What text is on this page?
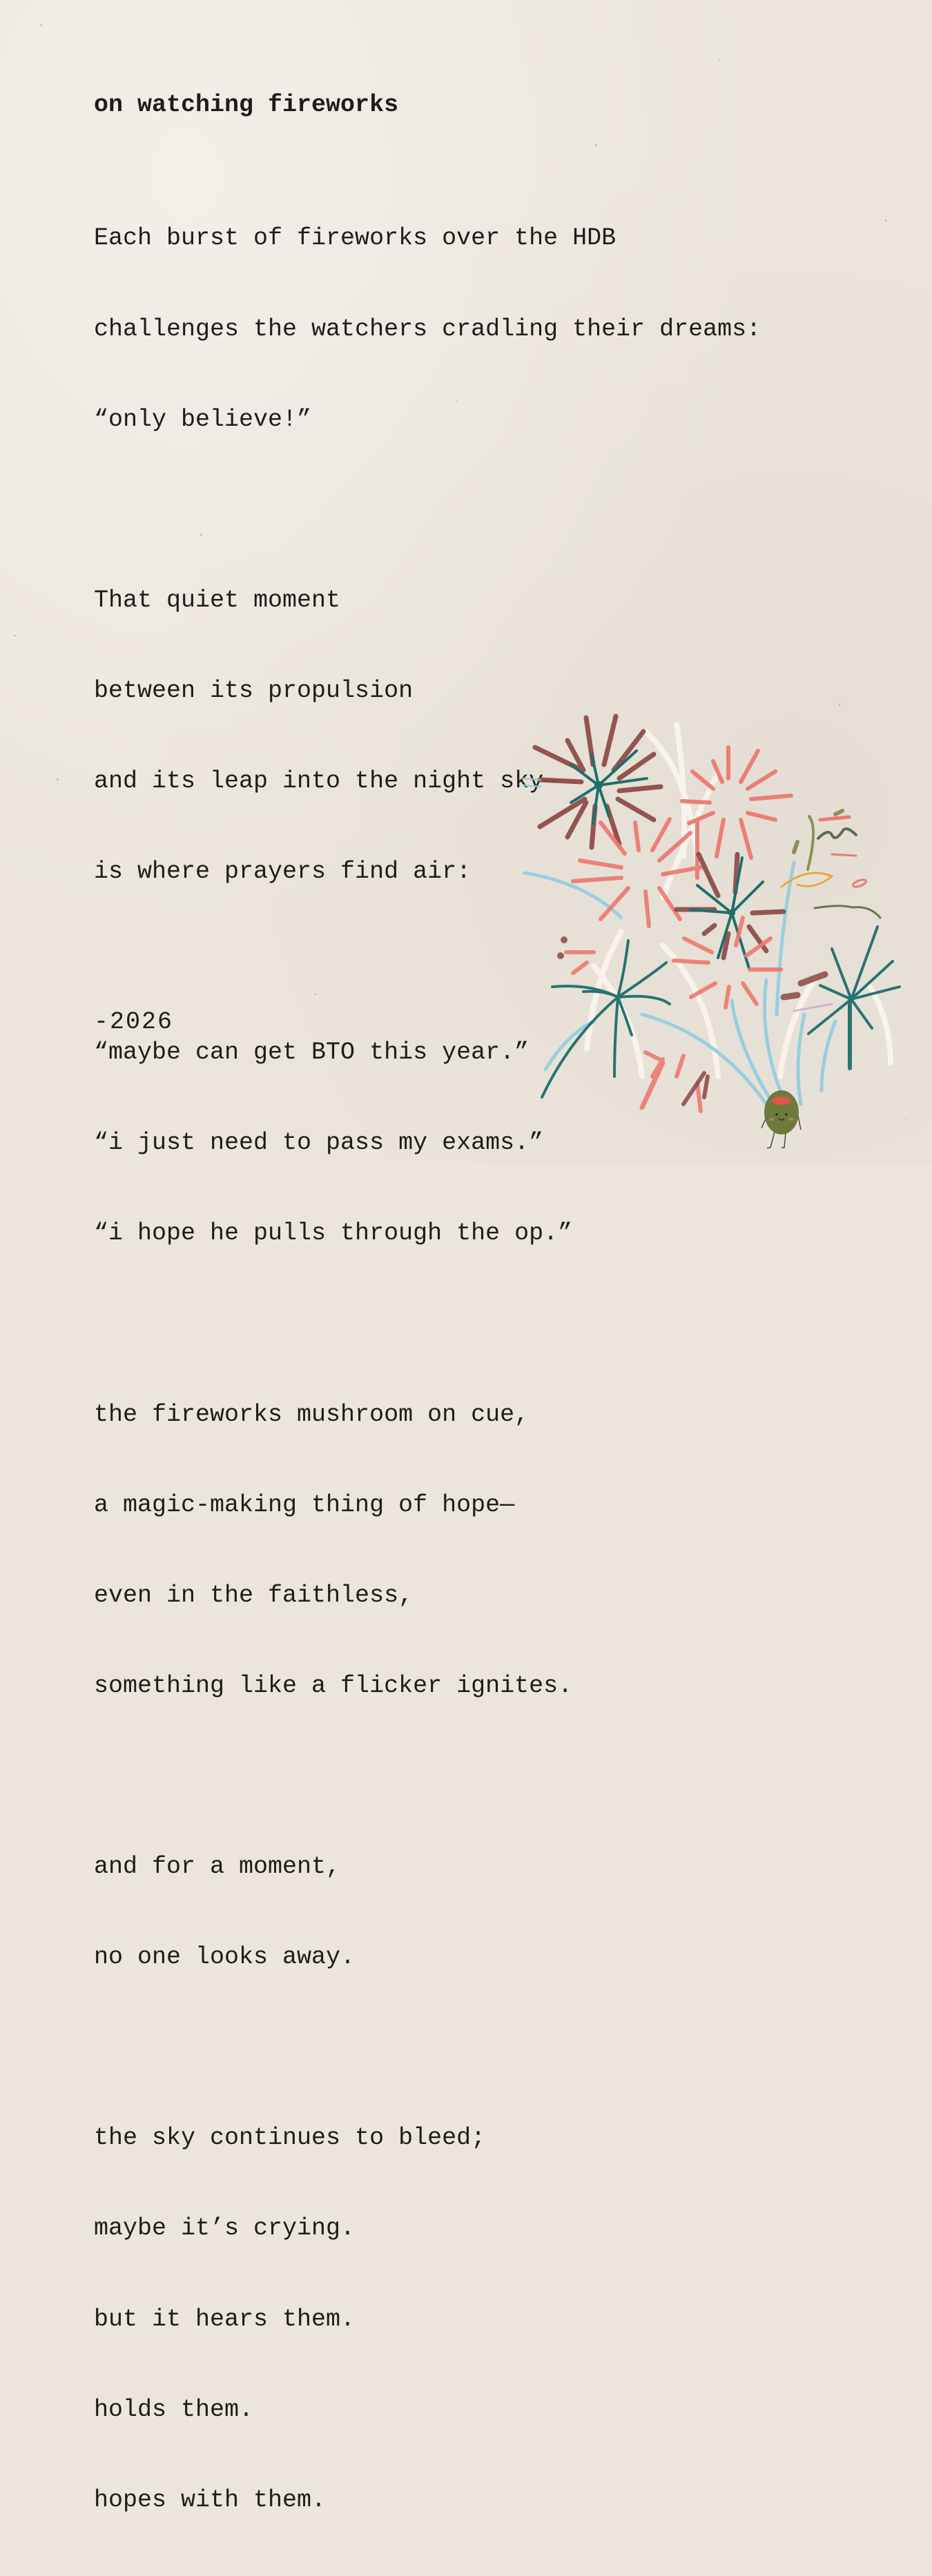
on watching fireworks

Each burst of fireworks over the HDB

challenges the watchers cradling their dreams:

“only believe!”

That quiet moment

between its propulsion

and its leap into the night sky—

is where prayers find air:

“maybe can get BTO this year.”

“i just need to pass my exams.”

“i hope he pulls through the op.”

the fireworks mushroom on cue,

a magic-making thing of hope—

even in the faithless,

something like a flicker ignites.

and for a moment,

no one looks away.

the sky continues to bleed;

maybe it’s crying.

but it hears them.

holds them.

hopes with them.

-2026
